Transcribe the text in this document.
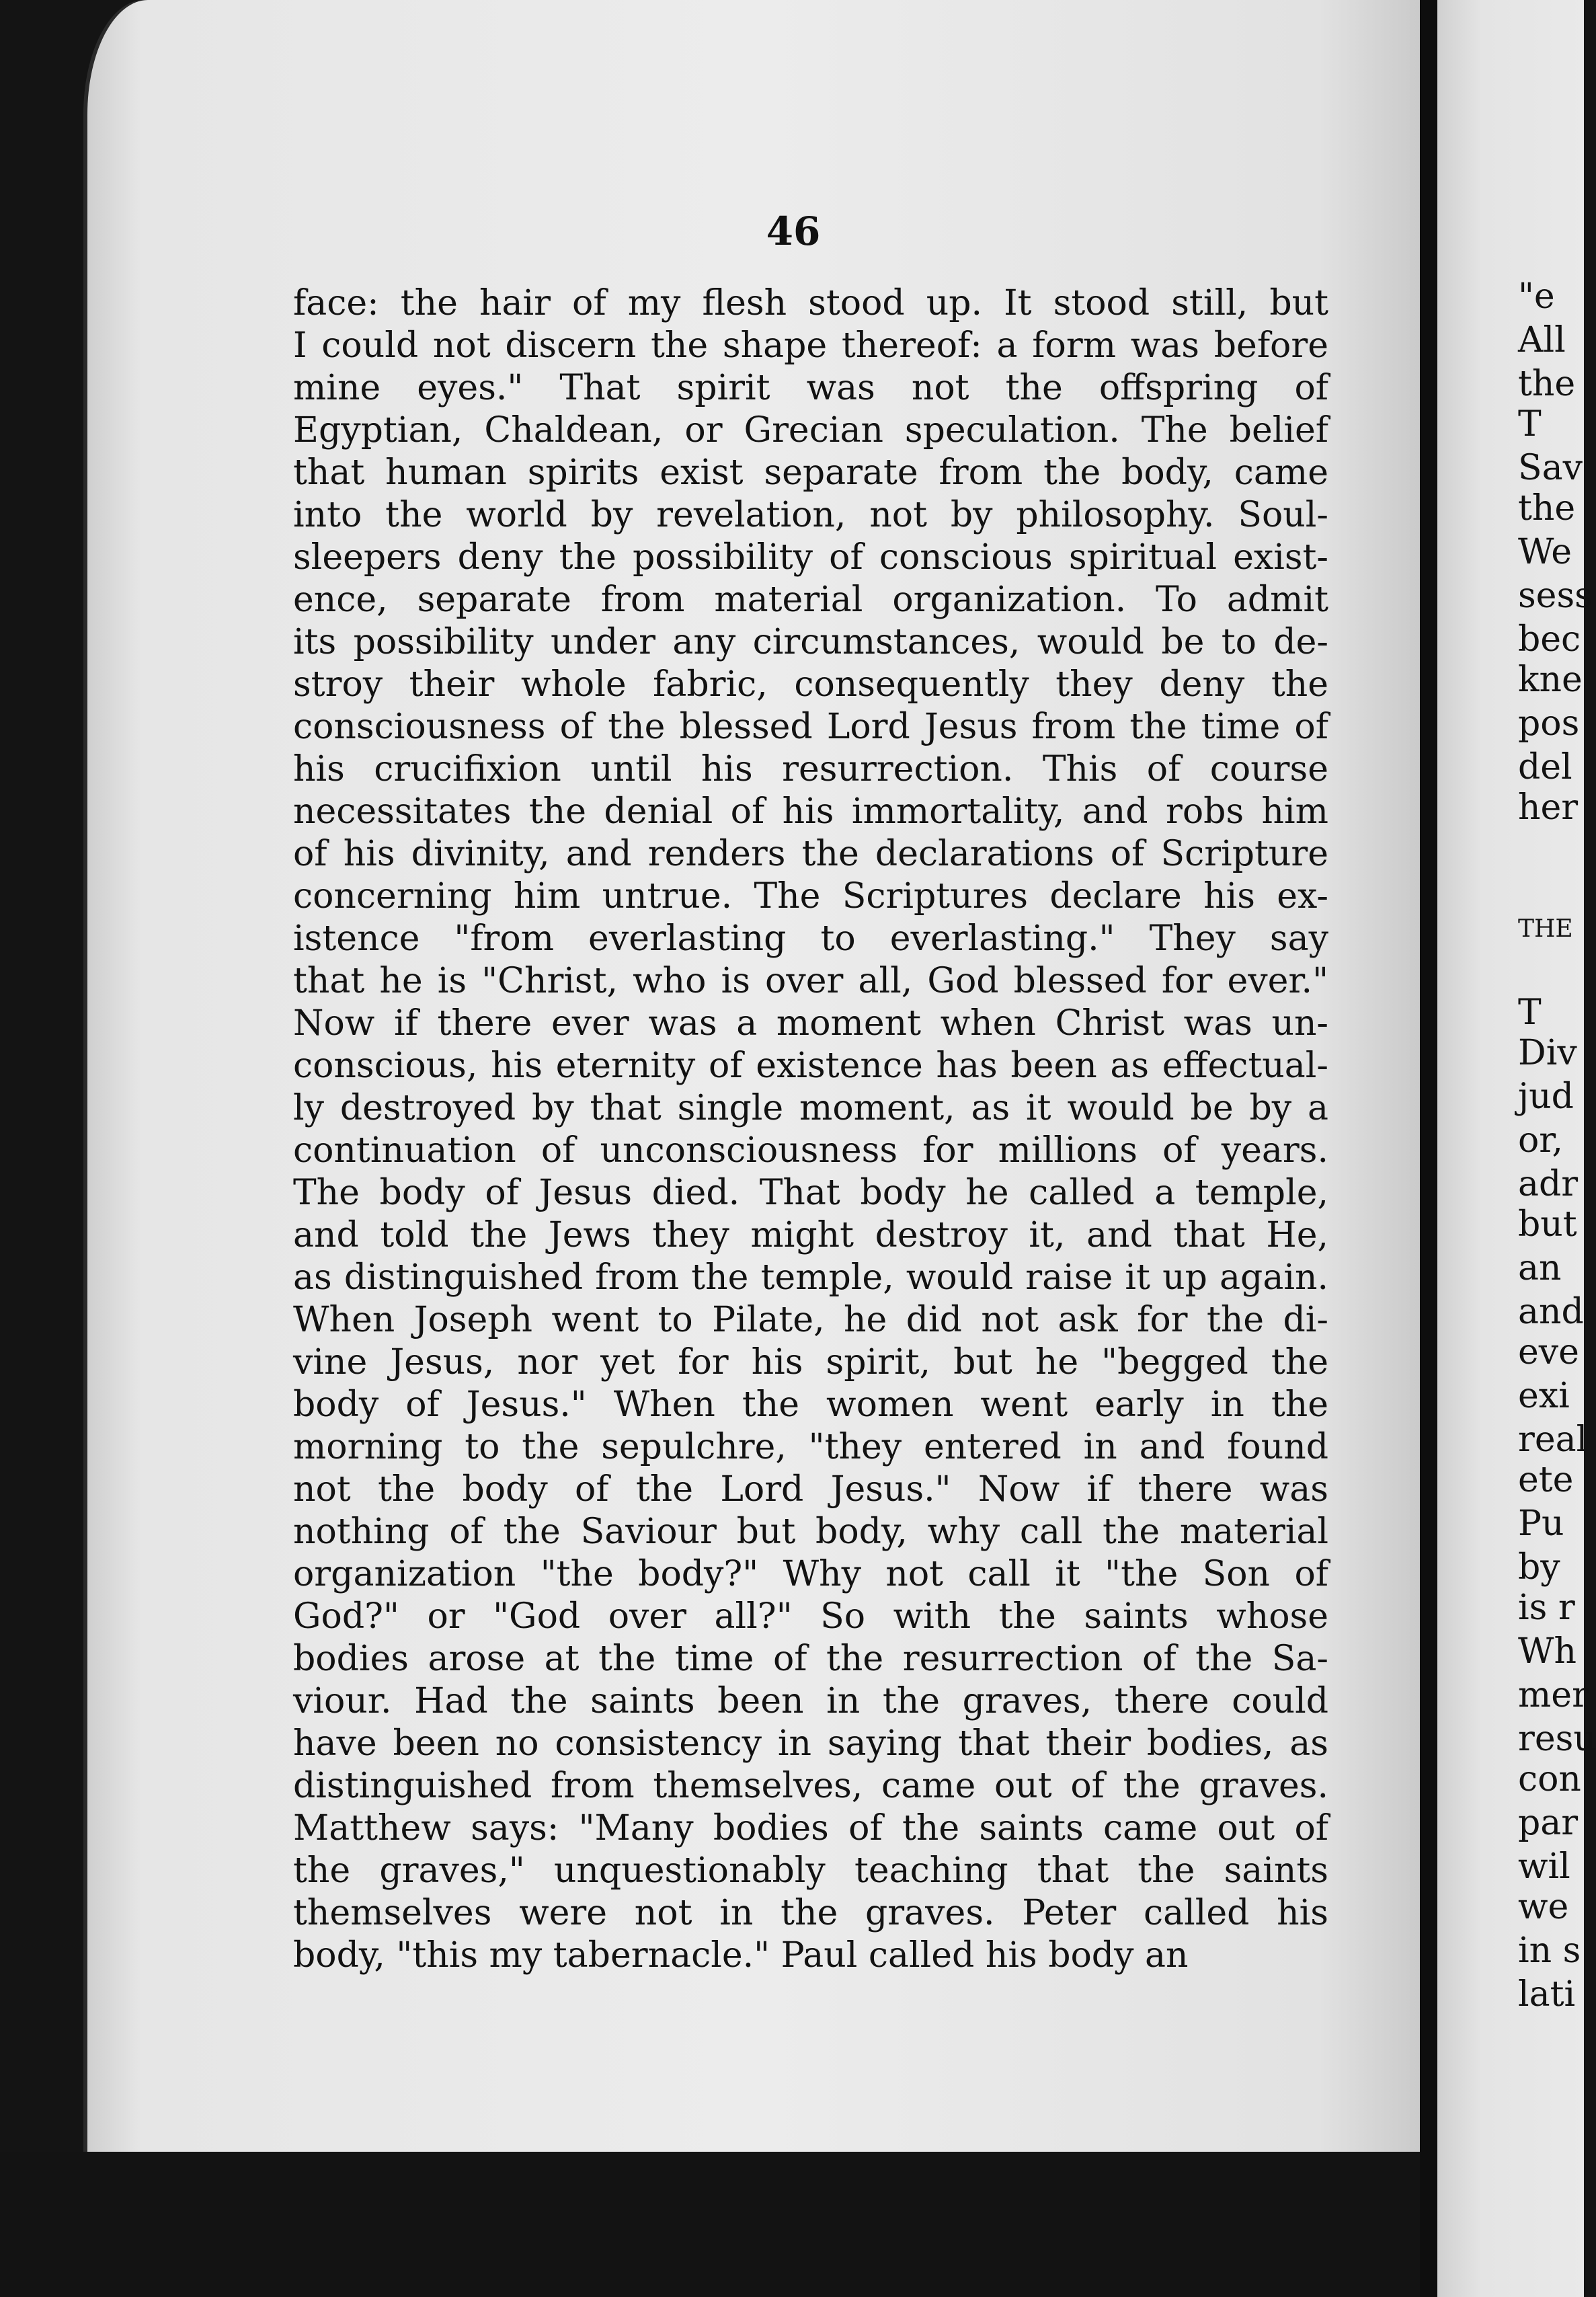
46
face: the hair of my flesh stood up. It stood still, but
I could not discern the shape thereof: a form was before
mine eyes." That spirit was not the offspring of
Egyptian, Chaldean, or Grecian speculation. The belief
that human spirits exist separate from the body, came
into the world by revelation, not by philosophy. Soul-
sleepers deny the possibility of conscious spiritual exist-
ence, separate from material organization. To admit
its possibility under any circumstances, would be to de-
stroy their whole fabric, consequently they deny the
consciousness of the blessed Lord Jesus from the time of
his crucifixion until his resurrection. This of course
necessitates the denial of his immortality, and robs him
of his divinity, and renders the declarations of Scripture
concerning him untrue. The Scriptures declare his ex-
istence "from everlasting to everlasting." They say
that he is "Christ, who is over all, God blessed for ever."
Now if there ever was a moment when Christ was un-
conscious, his eternity of existence has been as effectual-
ly destroyed by that single moment, as it would be by a
continuation of unconsciousness for millions of years.
The body of Jesus died. That body he called a temple,
and told the Jews they might destroy it, and that He,
as distinguished from the temple, would raise it up again.
When Joseph went to Pilate, he did not ask for the di-
vine Jesus, nor yet for his spirit, but he "begged the
body of Jesus." When the women went early in the
morning to the sepulchre, "they entered in and found
not the body of the Lord Jesus." Now if there was
nothing of the Saviour but body, why call the material
organization "the body?" Why not call it "the Son of
God?" or "God over all?" So with the saints whose
bodies arose at the time of the resurrection of the Sa-
viour. Had the saints been in the graves, there could
have been no consistency in saying that their bodies, as
distinguished from themselves, came out of the graves.
Matthew says: "Many bodies of the saints came out of
the graves," unquestionably teaching that the saints
themselves were not in the graves. Peter called his
body, "this my tabernacle." Paul called his body an
"e
All
the
T
Sav
the
We
sess
bec
kne
pos
del
her
THE
T
Div
jud
or,
adr
but
an
and
eve
exi
real
ete
Pu
by
is r
Wh
mer
resu
con
par
wil
we
in s
lati
